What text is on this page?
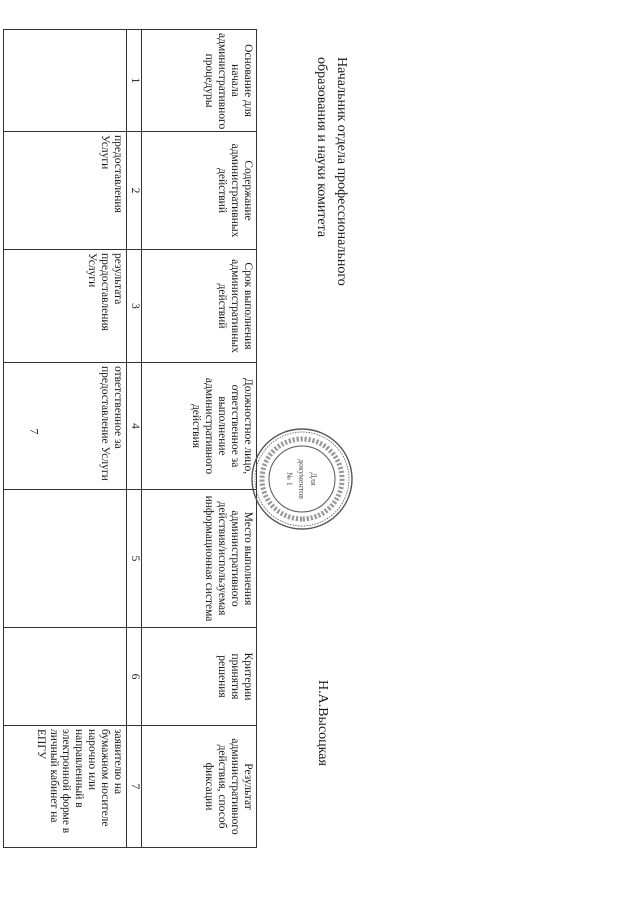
7
Основание для начала административного процедуры	Содержание административных действий	Срок выполнения административных действий	Должностное лицо, ответственное за выполнение административного действия	Место выполнения административного действия/используемая информационная система	Критерии принятия решения	Результат административного действия, способ фиксации
1	2	3	4	5	6	7
	предоставления Услуги	результата предоставления Услуги	ответственное за предоставление Услуги			заявителю на бумажном носителе нарочно или направленный в электронной форме в личный кабинет на ЕПГУ
Начальник отдела профессионального
образования и науки комитета
Н.А.Высоцкая
Для
документов
№ 1
